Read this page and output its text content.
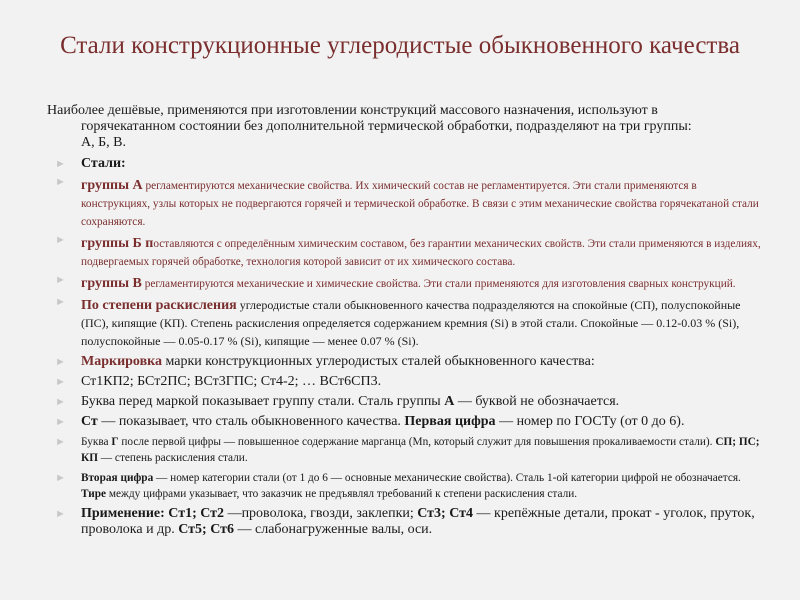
Стали конструкционные углеродистые обыкновенного качества
Наиболее дешёвые, применяются при изготовлении конструкций массового назначения, используют в
горячекатанном состоянии без дополнительной термической обработки, подразделяют на три группы:
А, Б, В.
► Стали:
► группы А регламентируются механические свойства. Их химический состав не регламентируется. Эти стали применяются в конструкциях, узлы которых не подвергаются горячей и термической обработке. В связи с этим механические свойства горячекатаной стали сохраняются.
► группы Б поставляются с определённым химическим составом, без гарантии механических свойств. Эти стали применяются в изделиях, подвергаемых горячей обработке, технология которой зависит от их химического состава.
► группы В регламентируются механические и химические свойства. Эти стали применяются для изготовления сварных конструкций.
► По степени раскисления углеродистые стали обыкновенного качества подразделяются на спокойные (СП), полуспокойные (ПС), кипящие (КП). Степень раскисления определяется содержанием кремния (Si) в этой стали. Спокойные — 0.12-0.03 % (Si), полуспокойные — 0.05-0.17 % (Si), кипящие — менее 0.07 % (Si).
► Маркировка марки конструкционных углеродистых сталей обыкновенного качества:
► Ст1КП2; БСт2ПС; ВСт3ГПС; Ст4-2; … ВСт6СП3.
► Буква перед маркой показывает группу стали. Сталь группы А — буквой не обозначается.
► Ст — показывает, что сталь обыкновенного качества. Первая цифра — номер по ГОСТу (от 0 до 6).
► Буква Г после первой цифры — повышенное содержание марганца (Mn, который служит для повышения прокаливаемости стали). СП; ПС; КП — степень раскисления стали.
► Вторая цифра — номер категории стали (от 1 до 6 — основные механические свойства). Сталь 1-ой категории цифрой не обозначается. Тире между цифрами указывает, что заказчик не предъявлял требований к степени раскисления стали.
► Применение: Ст1; Ст2 —проволока, гвозди, заклепки; Ст3; Ст4 — крепёжные детали, прокат - уголок, пруток, проволока и др. Ст5; Ст6 — слабонагруженные валы, оси.
